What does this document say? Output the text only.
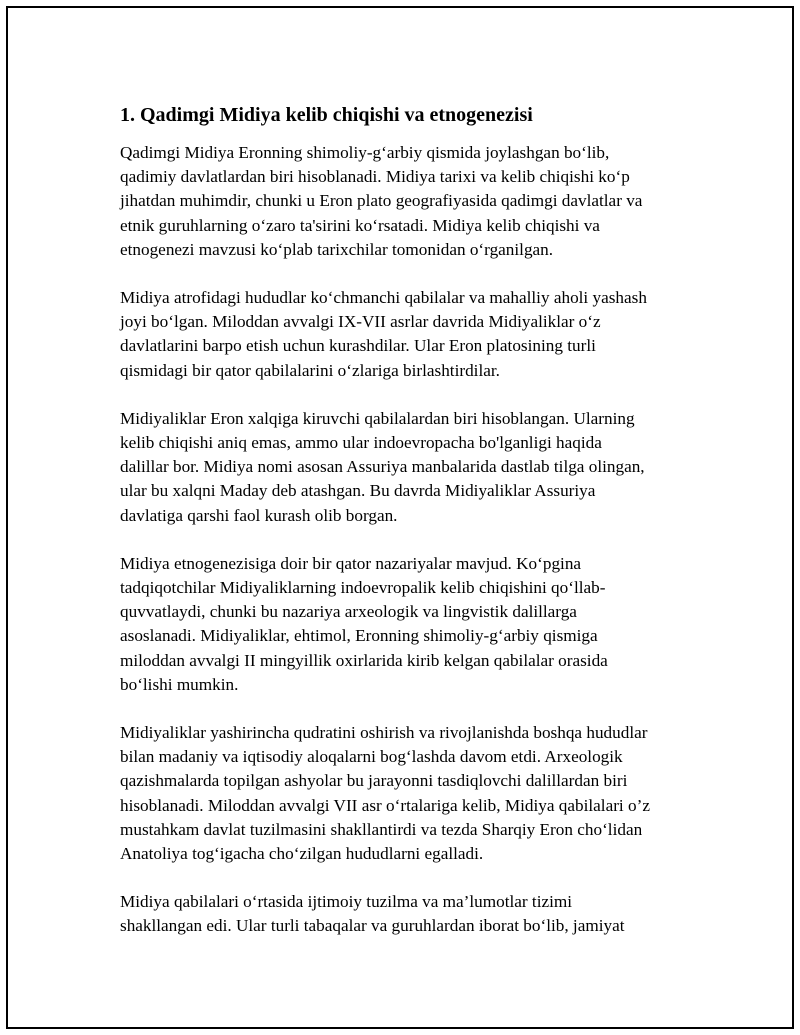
1. Qadimgi Midiya kelib chiqishi va etnogenezisi

Qadimgi Midiya Eronning shimoliy-g‘arbiy qismida joylashgan bo‘lib,
qadimiy davlatlardan biri hisoblanadi. Midiya tarixi va kelib chiqishi ko‘p
jihatdan muhimdir, chunki u Eron plato geografiyasida qadimgi davlatlar va
etnik guruhlarning o‘zaro ta'sirini ko‘rsatadi. Midiya kelib chiqishi va
etnogenezi mavzusi ko‘plab tarixchilar tomonidan o‘rganilgan.

Midiya atrofidagi hududlar ko‘chmanchi qabilalar va mahalliy aholi yashash
joyi bo‘lgan. Miloddan avvalgi IX-VII asrlar davrida Midiyaliklar o‘z
davlatlarini barpo etish uchun kurashdilar. Ular Eron platosining turli
qismidagi bir qator qabilalarini o‘zlariga birlashtirdilar.

Midiyaliklar Eron xalqiga kiruvchi qabilalardan biri hisoblangan. Ularning
kelib chiqishi aniq emas, ammo ular indoevropacha bo'lganligi haqida
dalillar bor. Midiya nomi asosan Assuriya manbalarida dastlab tilga olingan,
ular bu xalqni Maday deb atashgan. Bu davrda Midiyaliklar Assuriya
davlatiga qarshi faol kurash olib borgan.

Midiya etnogenezisiga doir bir qator nazariyalar mavjud. Ko‘pgina
tadqiqotchilar Midiyaliklarning indoevropalik kelib chiqishini qo‘llab-
quvvatlaydi, chunki bu nazariya arxeologik va lingvistik dalillarga
asoslanadi. Midiyaliklar, ehtimol, Eronning shimoliy-g‘arbiy qismiga
miloddan avvalgi II mingyillik oxirlarida kirib kelgan qabilalar orasida
bo‘lishi mumkin.

Midiyaliklar yashirincha qudratini oshirish va rivojlanishda boshqa hududlar
bilan madaniy va iqtisodiy aloqalarni bog‘lashda davom etdi. Arxeologik
qazishmalarda topilgan ashyolar bu jarayonni tasdiqlovchi dalillardan biri
hisoblanadi. Miloddan avvalgi VII asr o‘rtalariga kelib, Midiya qabilalari o’z
mustahkam davlat tuzilmasini shakllantirdi va tezda Sharqiy Eron cho‘lidan
Anatoliya tog‘igacha cho‘zilgan hududlarni egalladi.

Midiya qabilalari o‘rtasida ijtimoiy tuzilma va ma’lumotlar tizimi
shakllangan edi. Ular turli tabaqalar va guruhlardan iborat bo‘lib, jamiyat
